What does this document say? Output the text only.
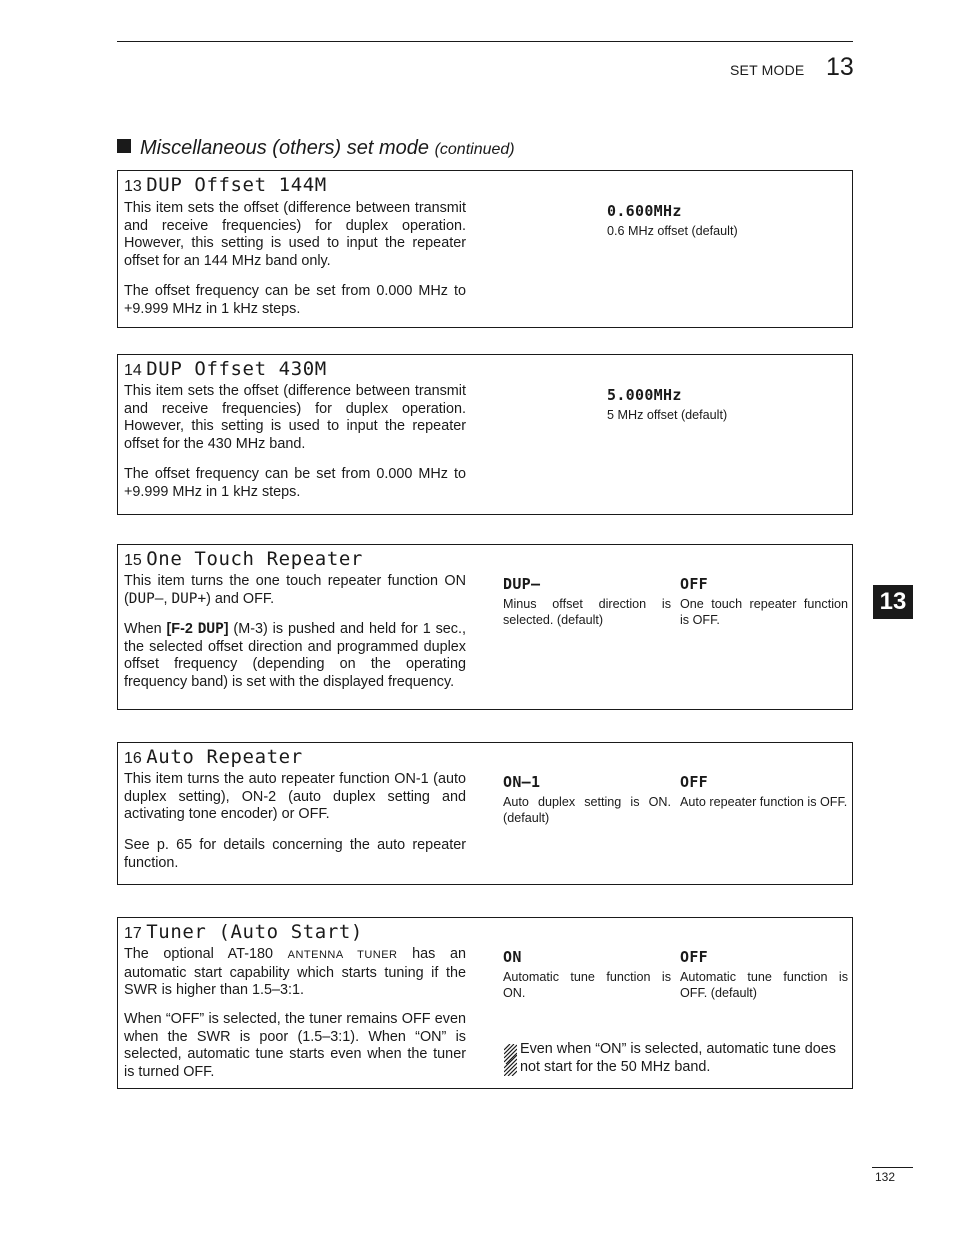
SET MODE 13
Miscellaneous (others) set mode (continued)
13 DUP Offset 144M

This item sets the offset (difference between transmit and receive frequencies) for duplex operation. However, this setting is used to input the repeater offset for an 144 MHz band only.

The offset frequency can be set from 0.000 MHz to +9.999 MHz in 1 kHz steps.

0.600MHz
0.6 MHz offset (default)
14 DUP Offset 430M

This item sets the offset (difference between transmit and receive frequencies) for duplex operation. However, this setting is used to input the repeater offset for the 430 MHz band.

The offset frequency can be set from 0.000 MHz to +9.999 MHz in 1 kHz steps.

5.000MHz
5 MHz offset (default)
15 One Touch Repeater

This item turns the one touch repeater function ON (DUP–, DUP+) and OFF.

When [F-2 DUP] (M-3) is pushed and held for 1 sec., the selected offset direction and programmed duplex offset frequency (depending on the operating frequency band) is set with the displayed frequency.

DUP–
Minus offset direction is selected. (default)
OFF
One touch repeater function is OFF.
16 Auto Repeater

This item turns the auto repeater function ON-1 (auto duplex setting), ON-2 (auto duplex setting and activating tone encoder) or OFF.

See p. 65 for details concerning the auto repeater function.

ON–1
Auto duplex setting is ON. (default)
OFF
Auto repeater function is OFF.
17 Tuner (Auto Start)

The optional AT-180 ANTENNA TUNER has an automatic start capability which starts tuning if the SWR is higher than 1.5–3:1.

When “OFF” is selected, the tuner remains OFF even when the SWR is poor (1.5–3:1). When “ON” is selected, automatic tune starts even when the tuner is turned OFF.

ON
Automatic tune function is ON.
OFF
Automatic tune function is OFF. (default)
Even when “ON” is selected, automatic tune does not start for the 50 MHz band.
13
132
